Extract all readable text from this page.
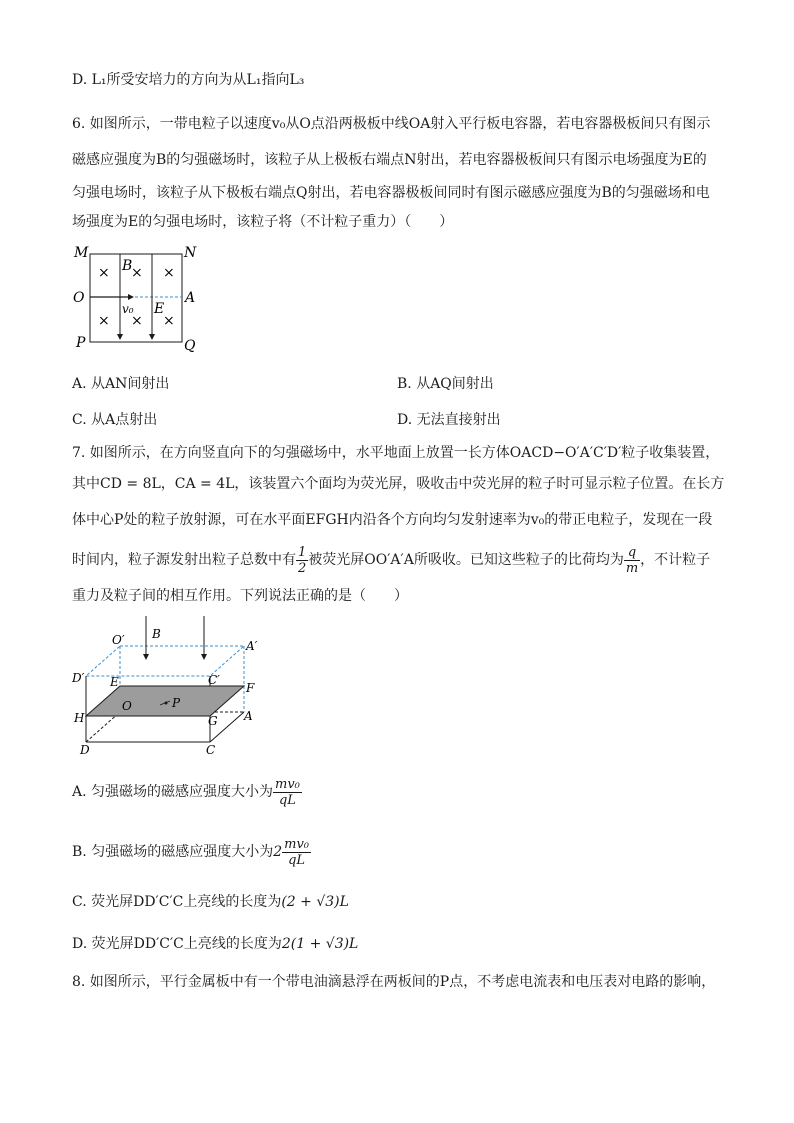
D. L₁所受安培力的方向为从L₁指向L₃
6. 如图所示，一带电粒子以速度v₀从O点沿两极板中线OA射入平行板电容器，若电容器极板间只有图示
磁感应强度为B的匀强磁场时，该粒子从上极板右端点N射出，若电容器极板间只有图示电场强度为E的
匀强电场时，该粒子从下极板右端点Q射出，若电容器极板间同时有图示磁感应强度为B的匀强磁场和电
场强度为E的匀强电场时，该粒子将（不计粒子重力）（　　）
× × ×
× × ×
M	N
O	A
P	Q
B
E
v₀
A. 从AN间射出	B. 从AQ间射出
C. 从A点射出	D. 无法直接射出
7. 如图所示，在方向竖直向下的匀强磁场中，水平地面上放置一长方体OACD−O′A′C′D′粒子收集装置，
其中CD = 8L，CA = 4L，该装置六个面均为荧光屏，吸收击中荧光屏的粒子时可显示粒子位置。在长方
体中心P处的粒子放射源，可在水平面EFGH内沿各个方向均匀发射速率为v₀的带正电粒子，发现在一段
时间内，粒子源发射出粒子总数中有 $\frac{1}{2}$ 被荧光屏OO′A′A所吸收。已知这些粒子的比荷均为 $\frac{q}{m}$ ，不计粒子
重力及粒子间的相互作用。下列说法正确的是（　　）
O′ B
A′
D′ E	C′
F
O	P
H	G A
D	C
A. 匀强磁场的磁感应强度大小为 $\frac{\text{mv₀}}{qL}$
B. 匀强磁场的磁感应强度大小为$2 \frac{\text{mv₀}}{qL}$
C. 荧光屏DD′C′C上亮线的长度为(2 + √3)L
D. 荧光屏DD′C′C上亮线的长度为2(1 + √3)L
8. 如图所示，平行金属板中有一个带电油滴悬浮在两板间的P点，不考虑电流表和电压表对电路的影响，
